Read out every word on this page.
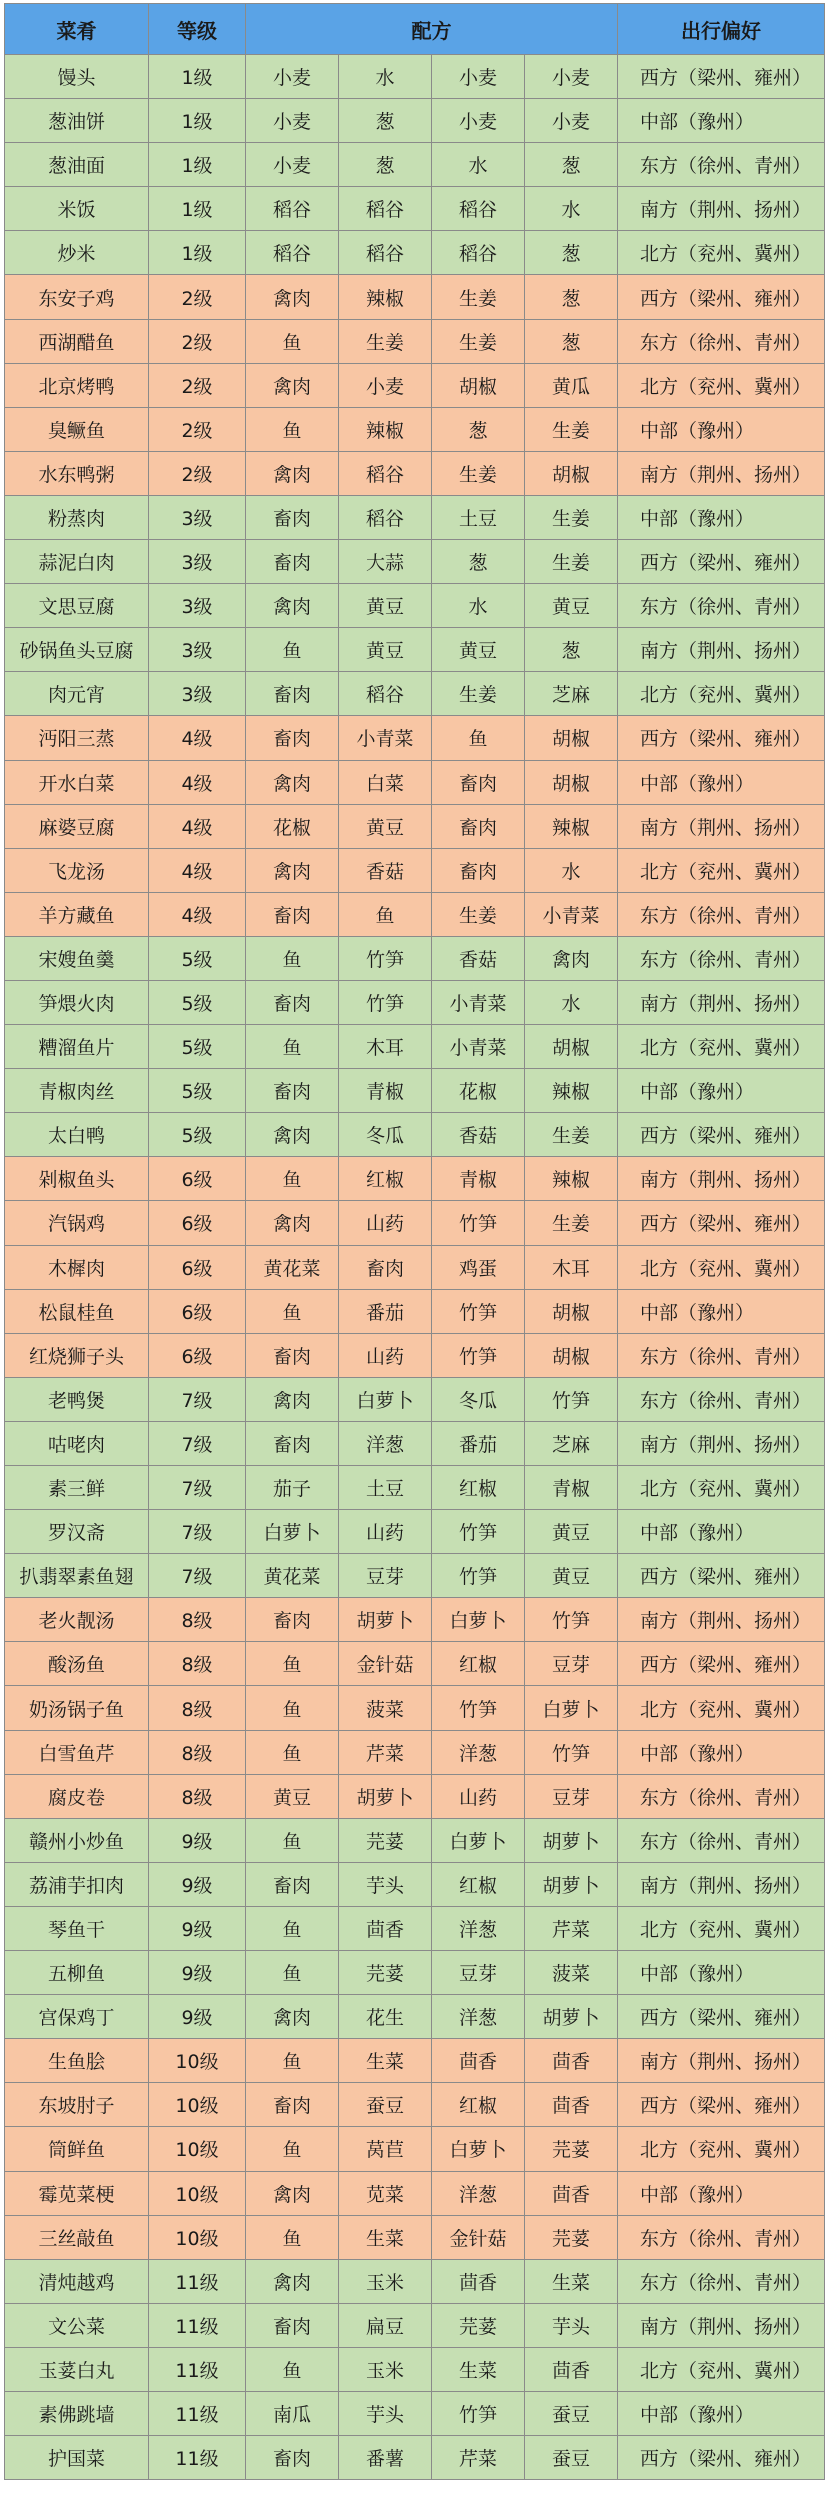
菜肴	等级	配方				出行偏好
馒头	1级	小麦	水	小麦	小麦	西方（梁州、雍州）
葱油饼	1级	小麦	葱	小麦	小麦	中部（豫州）
葱油面	1级	小麦	葱	水	葱	东方（徐州、青州）
米饭	1级	稻谷	稻谷	稻谷	水	南方（荆州、扬州）
炒米	1级	稻谷	稻谷	稻谷	葱	北方（兖州、冀州）
东安子鸡	2级	禽肉	辣椒	生姜	葱	西方（梁州、雍州）
西湖醋鱼	2级	鱼	生姜	生姜	葱	东方（徐州、青州）
北京烤鸭	2级	禽肉	小麦	胡椒	黄瓜	北方（兖州、冀州）
臭鳜鱼	2级	鱼	辣椒	葱	生姜	中部（豫州）
水东鸭粥	2级	禽肉	稻谷	生姜	胡椒	南方（荆州、扬州）
粉蒸肉	3级	畜肉	稻谷	土豆	生姜	中部（豫州）
蒜泥白肉	3级	畜肉	大蒜	葱	生姜	西方（梁州、雍州）
文思豆腐	3级	禽肉	黄豆	水	黄豆	东方（徐州、青州）
砂锅鱼头豆腐	3级	鱼	黄豆	黄豆	葱	南方（荆州、扬州）
肉元宵	3级	畜肉	稻谷	生姜	芝麻	北方（兖州、冀州）
沔阳三蒸	4级	畜肉	小青菜	鱼	胡椒	西方（梁州、雍州）
开水白菜	4级	禽肉	白菜	畜肉	胡椒	中部（豫州）
麻婆豆腐	4级	花椒	黄豆	畜肉	辣椒	南方（荆州、扬州）
飞龙汤	4级	禽肉	香菇	畜肉	水	北方（兖州、冀州）
羊方藏鱼	4级	畜肉	鱼	生姜	小青菜	东方（徐州、青州）
宋嫂鱼羹	5级	鱼	竹笋	香菇	禽肉	东方（徐州、青州）
笋煨火肉	5级	畜肉	竹笋	小青菜	水	南方（荆州、扬州）
糟溜鱼片	5级	鱼	木耳	小青菜	胡椒	北方（兖州、冀州）
青椒肉丝	5级	畜肉	青椒	花椒	辣椒	中部（豫州）
太白鸭	5级	禽肉	冬瓜	香菇	生姜	西方（梁州、雍州）
剁椒鱼头	6级	鱼	红椒	青椒	辣椒	南方（荆州、扬州）
汽锅鸡	6级	禽肉	山药	竹笋	生姜	西方（梁州、雍州）
木樨肉	6级	黄花菜	畜肉	鸡蛋	木耳	北方（兖州、冀州）
松鼠桂鱼	6级	鱼	番茄	竹笋	胡椒	中部（豫州）
红烧狮子头	6级	畜肉	山药	竹笋	胡椒	东方（徐州、青州）
老鸭煲	7级	禽肉	白萝卜	冬瓜	竹笋	东方（徐州、青州）
咕咾肉	7级	畜肉	洋葱	番茄	芝麻	南方（荆州、扬州）
素三鲜	7级	茄子	土豆	红椒	青椒	北方（兖州、冀州）
罗汉斋	7级	白萝卜	山药	竹笋	黄豆	中部（豫州）
扒翡翠素鱼翅	7级	黄花菜	豆芽	竹笋	黄豆	西方（梁州、雍州）
老火靓汤	8级	畜肉	胡萝卜	白萝卜	竹笋	南方（荆州、扬州）
酸汤鱼	8级	鱼	金针菇	红椒	豆芽	西方（梁州、雍州）
奶汤锅子鱼	8级	鱼	菠菜	竹笋	白萝卜	北方（兖州、冀州）
白雪鱼芹	8级	鱼	芹菜	洋葱	竹笋	中部（豫州）
腐皮卷	8级	黄豆	胡萝卜	山药	豆芽	东方（徐州、青州）
赣州小炒鱼	9级	鱼	芫荽	白萝卜	胡萝卜	东方（徐州、青州）
荔浦芋扣肉	9级	畜肉	芋头	红椒	胡萝卜	南方（荆州、扬州）
琴鱼干	9级	鱼	茴香	洋葱	芹菜	北方（兖州、冀州）
五柳鱼	9级	鱼	芫荽	豆芽	菠菜	中部（豫州）
宫保鸡丁	9级	禽肉	花生	洋葱	胡萝卜	西方（梁州、雍州）
生鱼脍	10级	鱼	生菜	茴香	茴香	南方（荆州、扬州）
东坡肘子	10级	畜肉	蚕豆	红椒	茴香	西方（梁州、雍州）
筒鲜鱼	10级	鱼	莴苣	白萝卜	芫荽	北方（兖州、冀州）
霉苋菜梗	10级	禽肉	苋菜	洋葱	茴香	中部（豫州）
三丝敲鱼	10级	鱼	生菜	金针菇	芫荽	东方（徐州、青州）
清炖越鸡	11级	禽肉	玉米	茴香	生菜	东方（徐州、青州）
文公菜	11级	畜肉	扁豆	芫荽	芋头	南方（荆州、扬州）
玉荽白丸	11级	鱼	玉米	生菜	茴香	北方（兖州、冀州）
素佛跳墙	11级	南瓜	芋头	竹笋	蚕豆	中部（豫州）
护国菜	11级	畜肉	番薯	芹菜	蚕豆	西方（梁州、雍州）
